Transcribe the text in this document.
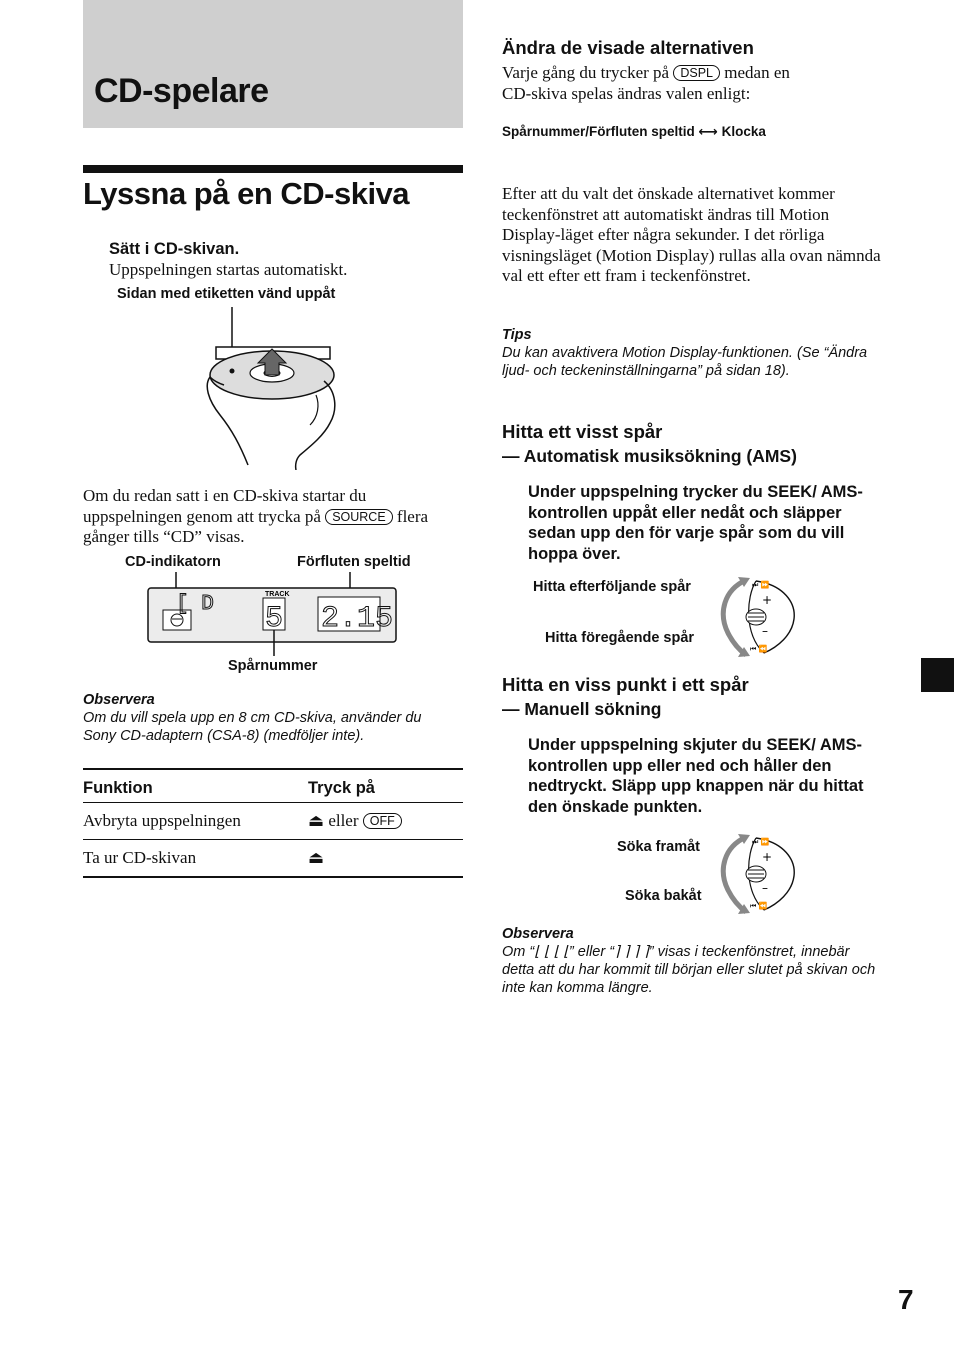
CD-spelare
Lyssna på en CD-skiva
Sätt i CD-skivan.
Uppspelningen startas automatiskt.
Sidan med etiketten vänd uppåt
Om du redan satt i en CD-skiva startar du uppspelningen genom att trycka på SOURCE flera gånger tills “CD” visas.
CD-indikatorn	Förfluten speltid
[ D	TRACK
5 2.15
Spårnummer
Observera
Om du vill spela upp en 8 cm CD-skiva, använder du Sony CD-adaptern (CSA-8) (medföljer inte).
Funktion	Tryck på
Avbryta uppspelningen	⏏ eller OFF
Ta ur CD-skivan	⏏
Ändra de visade alternativen
Varje gång du trycker på DSPL medan en
CD-skiva spelas ändras valen enligt:
Spårnummer/Förfluten speltid ⟷ Klocka
Efter att du valt det önskade alternativet kommer teckenfönstret att automatiskt ändras till Motion Display-läget efter några sekunder. I det rörliga visningsläget (Motion Display) rullas alla ovan nämnda val ett efter ett fram i teckenfönstret.
Tips
Du kan avaktivera Motion Display-funktionen. (Se “Ändra ljud- och teckeninställningarna” på sidan 18).
Hitta ett visst spår
— Automatisk musiksökning (AMS)
Under uppspelning trycker du SEEK/ AMS-kontrollen uppåt eller nedåt och släpper sedan upp den för varje spår som du vill hoppa över.
Hitta efterföljande spår
Hitta föregående spår
+
–
⏭ ⏩
⏮ ⏪
Hitta en viss punkt i ett spår
— Manuell sökning
Under uppspelning skjuter du SEEK/ AMS-kontrollen upp eller ned och håller den nedtryckt. Släpp upp knappen när du hittat den önskade punkten.
Söka framåt
Söka bakåt
+
–
⏭ ⏩
⏮ ⏪
Observera
Om “⌊ ⌊ ⌊ ⌊” eller “⌉ ⌉ ⌉ ⌉” visas i teckenfönstret, innebär detta att du har kommit till början eller slutet på skivan och inte kan komma längre.
7
